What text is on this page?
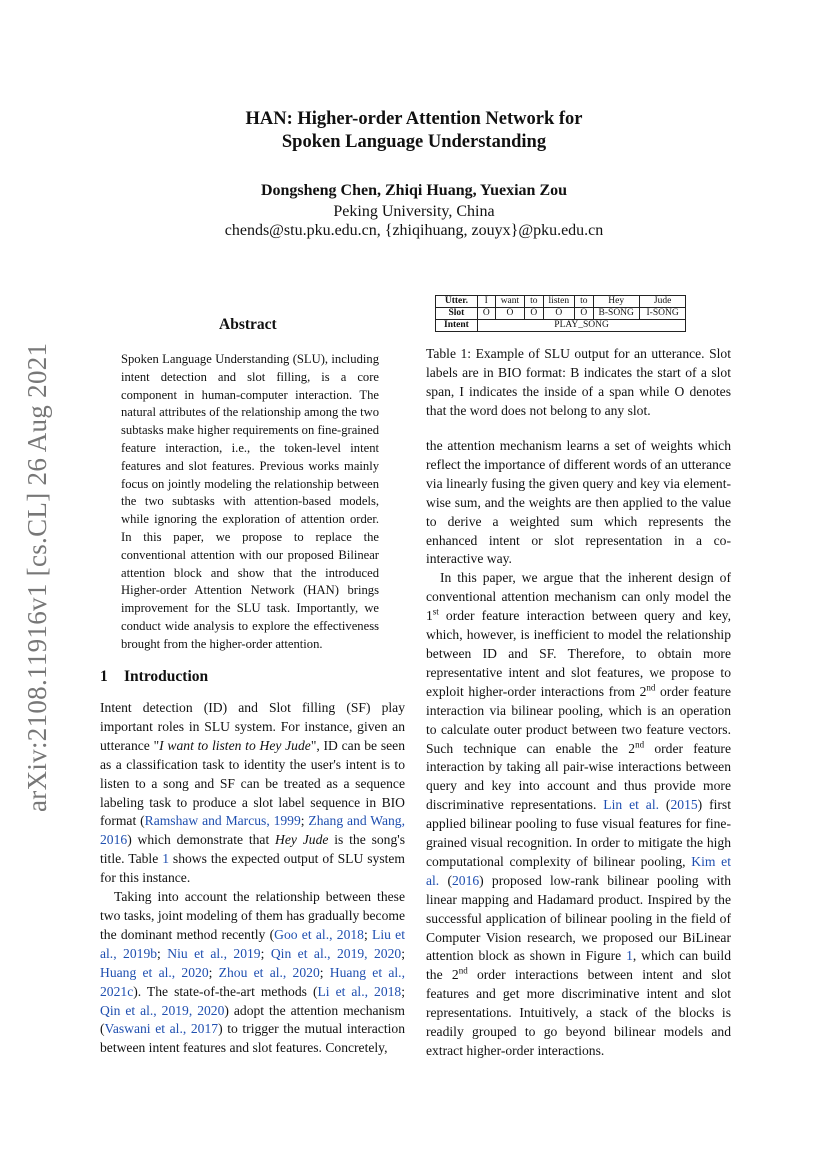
arXiv:2108.11916v1 [cs.CL] 26 Aug 2021
HAN: Higher-order Attention Network for
Spoken Language Understanding
Dongsheng Chen, Zhiqi Huang, Yuexian Zou
Peking University, China
chends@stu.pku.edu.cn, {zhiqihuang, zouyx}@pku.edu.cn
Abstract
Spoken Language Understanding (SLU), including intent detection and slot filling, is a core component in human-computer interaction. The natural attributes of the relationship among the two subtasks make higher requirements on fine-grained feature interaction, i.e., the token-level intent features and slot features. Previous works mainly focus on jointly modeling the relationship between the two subtasks with attention-based models, while ignoring the exploration of attention order. In this paper, we propose to replace the conventional attention with our proposed Bilinear attention block and show that the introduced Higher-order Attention Network (HAN) brings improvement for the SLU task. Importantly, we conduct wide analysis to explore the effectiveness brought from the higher-order attention.
Utter.	I	want	to	listen	to	Hey	Jude
Slot	O	O	O	O	O	B-SONG	I-SONG
Intent	PLAY_SONG						
Table 1: Example of SLU output for an utterance. Slot labels are in BIO format: B indicates the start of a slot span, I indicates the inside of a span while O denotes that the word does not belong to any slot.
1 Introduction

Intent detection (ID) and Slot filling (SF) play important roles in SLU system. For instance, given an utterance "I want to listen to Hey Jude", ID can be seen as a classification task to identity the user's intent is to listen to a song and SF can be treated as a sequence labeling task to produce a slot label sequence in BIO format (Ramshaw and Marcus, 1999; Zhang and Wang, 2016) which demonstrate that Hey Jude is the song's title. Table 1 shows the expected output of SLU system for this instance.

Taking into account the relationship between these two tasks, joint modeling of them has gradually become the dominant method recently (Goo et al., 2018; Liu et al., 2019b; Niu et al., 2019; Qin et al., 2019, 2020; Huang et al., 2020; Zhou et al., 2020; Huang et al., 2021c). The state-of-the-art methods (Li et al., 2018; Qin et al., 2019, 2020) adopt the attention mechanism (Vaswani et al., 2017) to trigger the mutual interaction between intent features and slot features. Concretely,

the attention mechanism learns a set of weights which reflect the importance of different words of an utterance via linearly fusing the given query and key via element-wise sum, and the weights are then applied to the value to derive a weighted sum which represents the enhanced intent or slot representation in a co-interactive way.

In this paper, we argue that the inherent design of conventional attention mechanism can only model the 1st order feature interaction between query and key, which, however, is inefficient to model the relationship between ID and SF. Therefore, to obtain more representative intent and slot features, we propose to exploit higher-order interactions from 2nd order feature interaction via bilinear pooling, which is an operation to calculate outer product between two feature vectors. Such technique can enable the 2nd order feature interaction by taking all pair-wise interactions between query and key into account and thus provide more discriminative representations. Lin et al. (2015) first applied bilinear pooling to fuse visual features for fine-grained visual recognition. In order to mitigate the high computational complexity of bilinear pooling, Kim et al. (2016) proposed low-rank bilinear pooling with linear mapping and Hadamard product. Inspired by the successful application of bilinear pooling in the field of Computer Vision research, we proposed our BiLinear attention block as shown in Figure 1, which can build the 2nd order interactions between intent and slot features and get more discriminative intent and slot representations. Intuitively, a stack of the blocks is readily grouped to go beyond bilinear models and extract higher-order interactions.
